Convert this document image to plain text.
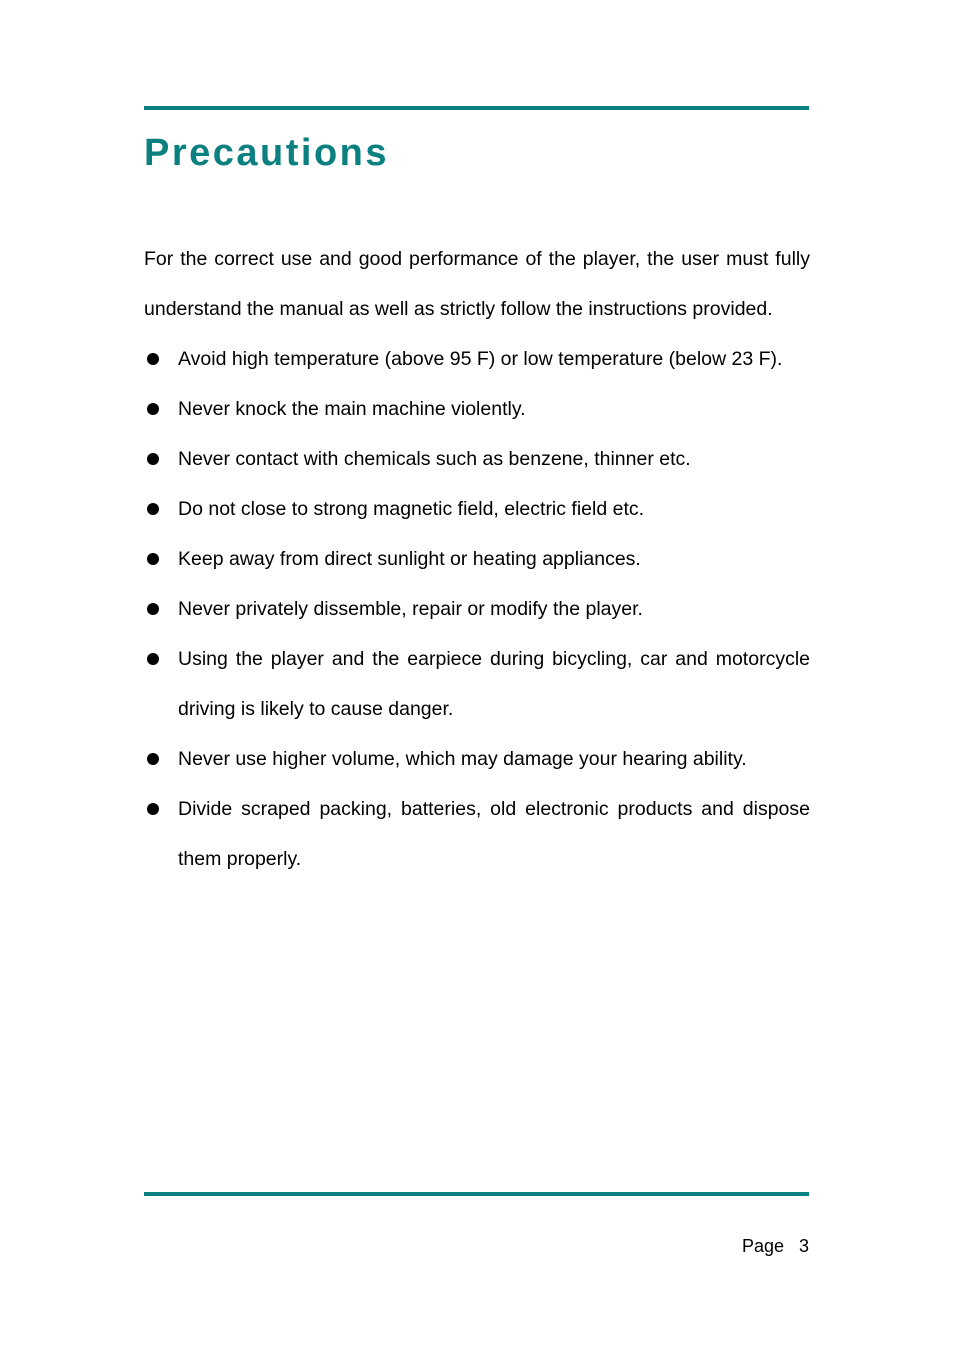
Precautions

For the correct use and good performance of the player, the user must fully understand the manual as well as strictly follow the instructions provided.

Avoid high temperature (above 95 F) or low temperature (below 23 F).
Never knock the main machine violently.
Never contact with chemicals such as benzene, thinner etc.
Do not close to strong magnetic field, electric field etc.
Keep away from direct sunlight or heating appliances.
Never privately dissemble, repair or modify the player.
Using the player and the earpiece during bicycling, car and motorcycle driving is likely to cause danger.
Never use higher volume, which may damage your hearing ability.
Divide scraped packing, batteries, old electronic products and dispose them properly.
Page 3
